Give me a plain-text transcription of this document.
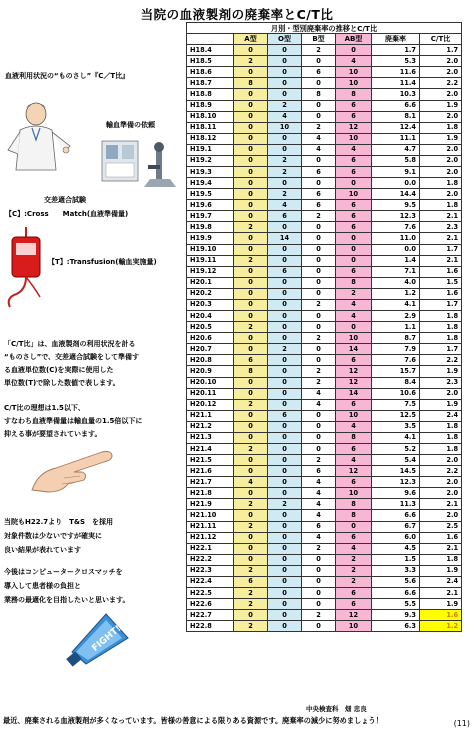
当院の血液製剤の廃棄率とC/T比
血液利用状況の“ものさし”『C／T比』
輸血準備の依頼
交差適合試験
【C】:Cross　　Match(血液準備量)
【T】:Transfusion(輸血実施量)
「C/T比」は、血液製剤の利用状況を計る
“ものさし”で、交差適合試験をして準備す
る血液単位数(C)を実際に使用した
単位数(T)で除した数値で表します。
C/T比の理想は1.5以下、
すなわち血液準備量は輸血量の1.5倍以下に
抑える事が要望されています。
当院もH22.7より　T&S　を採用
対象件数は少ないですが確実に
良い結果が表れています
今後はコンピュータークロスマッチを
導入して患者様の負担と
業務の最適化を目指したいと思います。
FIGHT!!
月別・型別廃棄率の推移とC/T比						
	A型	O型	B型	AB型	廃棄率	C/T比
H18.4	0	0	2	0	1.7	1.7
H18.5	2	0	0	4	5.3	2.0
H18.6	0	0	6	10	11.6	2.0
H18.7	8	0	0	10	11.4	2.2
H18.8	0	0	8	8	10.3	2.0
H18.9	0	2	0	6	6.6	1.9
H18.10	0	4	0	6	8.1	2.0
H18.11	0	10	2	12	12.4	1.8
H18.12	0	0	4	10	11.1	1.9
H19.1	0	0	4	4	4.7	2.0
H19.2	0	2	0	6	5.8	2.0
H19.3	0	2	6	6	9.1	2.0
H19.4	0	0	0	0	0.0	1.8
H19.5	0	2	6	10	14.4	2.0
H19.6	0	4	6	6	9.5	1.8
H19.7	0	6	2	6	12.3	2.1
H19.8	2	0	0	6	7.6	2.3
H19.9	0	14	0	0	11.0	2.1
H19.10	0	0	0	0	0.0	1.7
H19.11	2	0	0	0	1.4	2.1
H19.12	0	6	0	6	7.1	1.6
H20.1	0	0	0	8	4.0	1.5
H20.2	0	0	0	2	1.2	1.6
H20.3	0	0	2	4	4.1	1.7
H20.4	0	0	0	4	2.9	1.8
H20.5	2	0	0	0	1.1	1.8
H20.6	0	0	2	10	8.7	1.8
H20.7	0	2	0	14	7.9	1.7
H20.8	6	0	0	6	7.6	2.2
H20.9	8	0	2	12	15.7	1.9
H20.10	0	0	2	12	8.4	2.3
H20.11	0	0	4	14	10.6	2.0
H20.12	2	0	4	6	7.5	1.9
H21.1	0	6	0	10	12.5	2.4
H21.2	0	0	0	4	3.5	1.8
H21.3	0	0	0	8	4.1	1.8
H21.4	2	0	0	6	5.2	1.8
H21.5	0	0	2	4	5.4	2.0
H21.6	0	0	6	12	14.5	2.2
H21.7	4	0	4	6	12.3	2.0
H21.8	0	0	4	10	9.6	2.0
H21.9	2	2	4	8	11.3	2.1
H21.10	0	0	4	8	6.6	2.0
H21.11	2	0	6	0	6.7	2.5
H21.12	0	0	4	6	6.0	1.6
H22.1	0	0	2	4	4.5	2.1
H22.2	0	0	0	2	1.5	1.8
H22.3	2	0	0	2	3.3	1.9
H22.4	6	0	0	2	5.6	2.4
H22.5	2	0	0	6	6.6	2.1
H22.6	2	0	0	6	5.5	1.9
H22.7	0	0	2	12	9.3	1.6
H22.8	2	0	0	10	6.3	1.2
中央検査科　畑 忠良
最近、廃棄される血液製剤が多くなっています。皆様の善意による限りある資源です。廃棄率の減少に努めましょう！	(11)
